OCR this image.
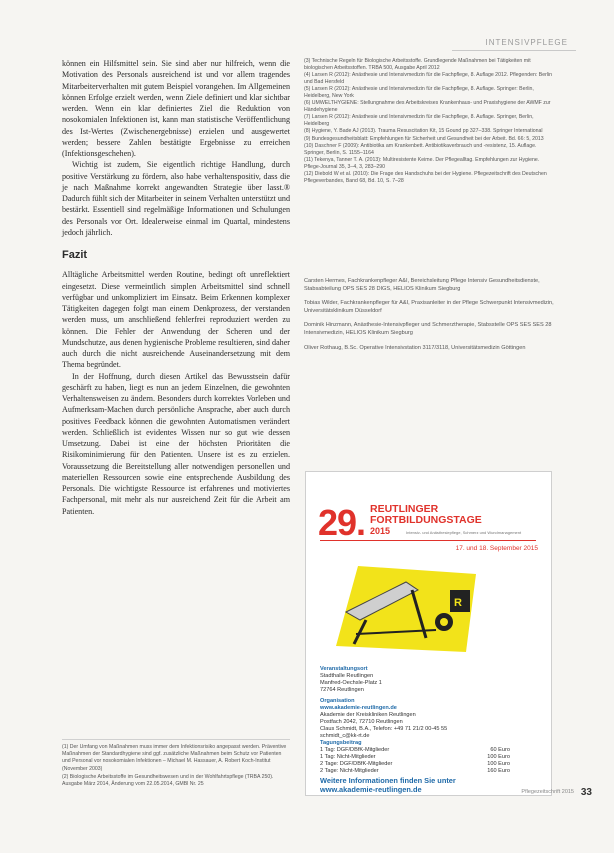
INTENSIVPFLEGE

können ein Hilfsmittel sein. Sie sind aber nur hilfreich, wenn die Motivation des Personals ausreichend ist und vor allem tragendes Mitarbeiterverhalten mit gutem Beispiel vorangehen. Im Allgemeinen können Erfolge erzielt werden, wenn Ziele definiert und klar sichtbar werden. Wenn ein klar definiertes Ziel die Reduktion von nosokomialen Infektionen ist, kann man statistische Veröffentlichung des Ist-Wertes (Zwischenergebnisse) erzielen und ausgewertet werden; bessere Zahlen bestätigte Ergebnisse zu erreichen (Infektionsgeschehen).

Wichtig ist zudem, Sie eigentlich richtige Handlung, durch positive Verstärkung zu fördern, also habe verhaltenspositiv, dass die je nach Maßnahme korrekt angewandten Strategie über lasst.® Dadurch fühlt sich der Mitarbeiter in seinem Verhalten unterstützt und bestärkt. Essentiell sind regelmäßige Informationen und Schulungen des Personals vor Ort. Idealerweise einmal im Quartal, mindestens jedoch jährlich.

Fazit

Alltägliche Arbeitsmittel werden Routine, bedingt oft unreflektiert eingesetzt. Diese vermeintlich simplen Arbeitsmittel sind schnell verfügbar und unkompliziert im Einsatz. Beim Erkennen komplexer Tätigkeiten dagegen folgt man einem Denkprozess, der verstanden werden muss, um anschließend fehlerfrei reproduziert werden zu können. Die Fehler der Anwendung der Scheren und der Mundschutze, aus denen hygienische Probleme resultieren, sind daher auch durch die nicht ausreichende Auseinandersetzung mit dem Thema begründet.

In der Hoffnung, durch diesen Artikel das Bewusstsein dafür geschärft zu haben, liegt es nun an jedem Einzelnen, die gewohnten Verhaltensweisen zu ändern. Besonders durch korrektes Vorleben und Aufmerksam-Machen durch persönliche Ansprache, aber auch durch positives Feedback können die gewohnten Automatismen verändert werden. Schließlich ist evidentes Wissen nur so gut wie dessen Umsetzung. Dabei ist eine der höchsten Prioritäten die Risikominimierung für den Patienten. Unsere ist es zu erzielen. Voraussetzung die Bereitstellung aller notwendigen personellen und materiellen Ressourcen sowie eine entsprechende Ausbildung des Personals. Die wichtigste Ressource ist erfahrenes und motiviertes Fachpersonal, mit mehr als nur ausreichend Zeit für die Arbeit am Patienten.

(1) Der Umfang von Maßnahmen muss immer dem Infektionsrisiko angepasst werden. Präventive Maßnahmen der Standardhygiene sind ggf. zusätzliche Maßnahmen beim Schutz vor Patienten und Personal vor nosokomialen Infektionen – Michael M. Hassauer, A. Robert Koch-Institut (November 2003)

(2) Biologische Arbeitsstoffe im Gesundheitswesen und in der Wohlfahrtspflege (TRBA 250). Ausgabe März 2014, Änderung vom 22.05.2014, GMBl Nr. 25

(3) Technische Regeln für Biologische Arbeitsstoffe. Grundlegende Maßnahmen bei Tätigkeiten mit biologischen Arbeitsstoffen. TRBA 500, Ausgabe April 2012

(4) Larsen R (2012): Anästhesie und Intensivmedizin für die Fachpflege, 8. Auflage 2012. Pflegenden: Berlin und Bad Hersfeld

(5) Larsen R (2012): Anästhesie und Intensivmedizin für die Fachpflege, 8. Auflage. Springer: Berlin, Heidelberg, New York

(6) UMWELTHYGIENE: Stellungnahme des Arbeitskreises Krankenhaus- und Praxishygiene der AWMF zur Händehygiene

(7) Larsen R (2012): Anästhesie und Intensivmedizin für die Fachpflege, 8. Auflage. Springer, Berlin, Heidelberg

(8) Hygiene, Y. Bade AJ (2013). Trauma Resuscitation Kit, 15 Gound pp 327–338. Springer International

(9) Bundesgesundheitsblatt: Empfehlungen für Sicherheit und Gesundheit bei der Arbeit. Bd. 66: 5, 2013

(10) Daschner F (2009): Antibiotika am Krankenbett. Antibiotikaverbrauch und -resistenz, 15. Auflage. Springer, Berlin, S. 1155–1164

(11) Tekenya, Tanner T. A. (2013): Multiresistente Keime. Der Pflegealltag. Empfehlungen zur Hygiene. Pflege-Journal 35, 3–4, 3, 283–290

(12) Diebold W et al. (2010): Die Frage des Handschuhs bei der Hygiene. Pflegezeitschrift des Deutschen Pflegeverbandes, Band 68, Bd. 10, S. 7–28

Carsten Hermes, Fachkrankenpfleger A&I, Bereichsleitung Pflege Intensiv Gesundheitsdienste, Stabsabteilung OPS SES 28 DIGS, HELIOS Klinikum Siegburg

Tobias Wilder, Fachkrankenpfleger für A&I, Praxisanleiter in der Pflege Schwerpunkt Intensivmedizin, Universitätsklinikum Düsseldorf

Dominik Hinzmann, Anästhesie-Intensivpfleger und Schmerztherapie, Stabsstelle OPS SES SES 28 Intensivmedizin, HELIOS Klinikum Siegburg

Oliver Rothaug, B.Sc. Operative Intensivstation 3117/3118, Universitätsmedizin Göttingen

29. REUTLINGER
FORTBILDUNGSTAGE
2015	Intensiv- und Anästhesiepflege, Schmerz und Wundmanagement
17. und 18. September 2015
R

Veranstaltungsort

Stadthalle Reutlingen

Manfred-Oechsle-Platz 1

72764 Reutlingen

Organisation

www.akademie-reutlingen.de

Akademie der Kreiskliniken Reutlingen

Postfach 2042, 72710 Reutlingen

Claus Schmidt, B.A., Telefon: +49 71 21/2 00-45 55

schmidt_c@kk-rt.de

Tagungsbeitrag

1 Tag: DGF/DBfK-Mitglieder	60 Euro
1 Tag: Nicht-Mitglieder	100 Euro
2 Tage: DGF/DBfK-Mitglieder	100 Euro
2 Tage: Nicht-Mitglieder	160 Euro
Weitere Informationen finden Sie unter
www.akademie-reutlingen.de	Pflegezeitschrift 2015 33
